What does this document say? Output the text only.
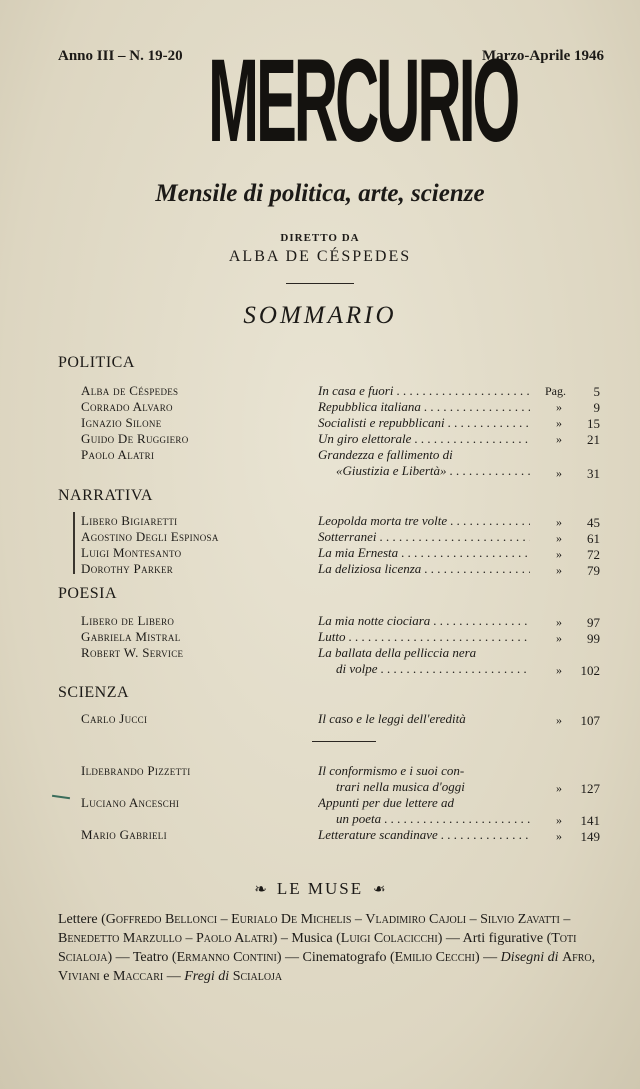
Anno III – N. 19-20	Marzo-Aprile 1946
MERCURIO
Mensile di politica, arte, scienze
DIRETTO DA
ALBA DE CÉSPEDES
SOMMARIO
POLITICA
Alba de Céspedes	In casa e fuori . . .	Pag. 5
Corrado Alvaro	Repubblica italiana . . .	» 9
Ignazio Silone	Socialisti e repubblicani . . .	» 15
Guido De Ruggiero	Un giro elettorale . . .	» 21
Paolo Alatri	Grandezza e fallimento di
«Giustizia e Libertà» . . .	» 31
NARRATIVA
Libero Bigiaretti	Leopolda morta tre volte . . .	» 45
Agostino Degli Espinosa	Sotterranei . . .	» 61
Luigi Montesanto	La mia Ernesta . . .	» 72
Dorothy Parker	La deliziosa licenza . . .	» 79
POESIA
Libero de Libero	La mia notte ciociara . . .	» 97
Gabriela Mistral	Lutto . . .	» 99
Robert W. Service	La ballata della pelliccia nera
di volpe . . .	» 102
SCIENZA
Carlo Jucci	Il caso e le leggi dell'eredità	» 107
Ildebrando Pizzetti	Il conformismo e i suoi con-
trari nella musica d'oggi	» 127
Luciano Anceschi	Appunti per due lettere ad
un poeta . . .	» 141
Mario Gabrieli	Letterature scandinave . . .	» 149
❧ LE MUSE ❧
Lettere (Goffredo Bellonci – Eurialo De Michelis – Vladimiro Cajoli – Silvio Zavatti – Benedetto Marzullo – Paolo Alatri) – Musica (Luigi Colacicchi) — Arti figurative (Toti Scialoja) — Teatro (Ermanno Contini) — Cinematografo (Emilio Cecchi) — Disegni di Afro, Viviani e Maccari — Fregi di Scialoja
